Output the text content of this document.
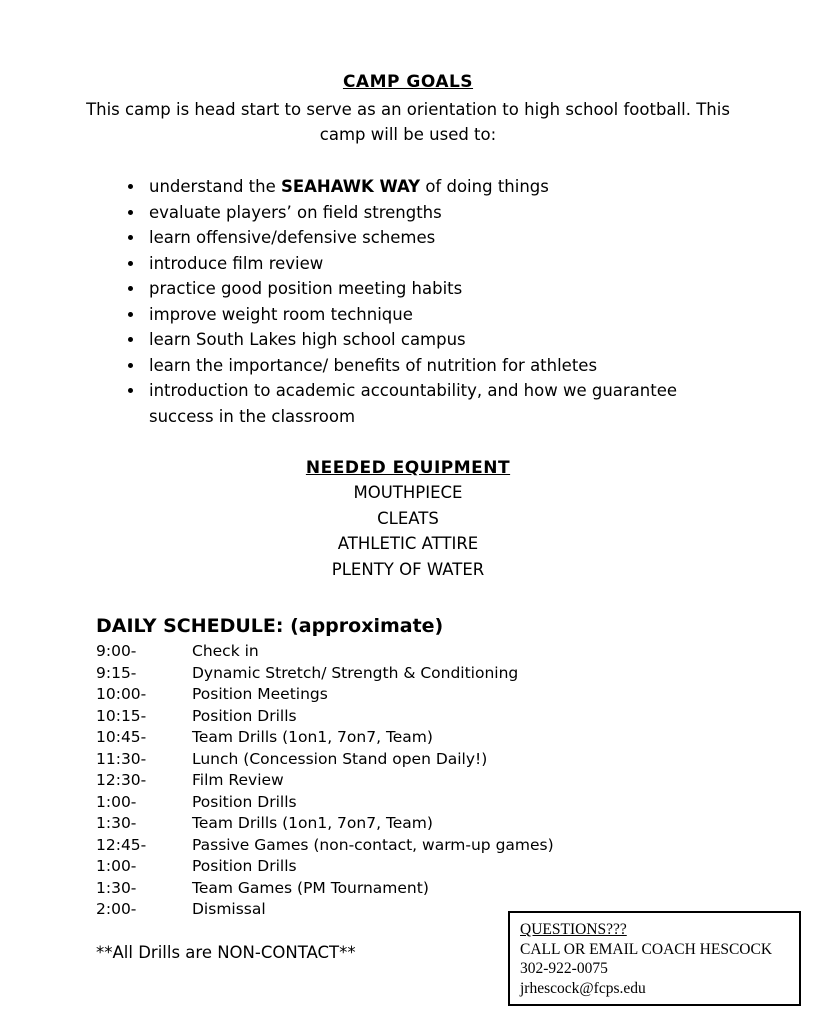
CAMP GOALS
This camp is head start to serve as an orientation to high school football. This camp will be used to:
• understand the SEAHAWK WAY of doing things
• evaluate players’ on field strengths
• learn offensive/defensive schemes
• introduce film review
• practice good position meeting habits
• improve weight room technique
• learn South Lakes high school campus
• learn the importance/ benefits of nutrition for athletes
• introduction to academic accountability, and how we guarantee success in the classroom
NEEDED EQUIPMENT
MOUTHPIECE
CLEATS
ATHLETIC ATTIRE
PLENTY OF WATER
DAILY SCHEDULE: (approximate)
9:00-	Check in
9:15-	Dynamic Stretch/ Strength & Conditioning
10:00-	Position Meetings
10:15-	Position Drills
10:45-	Team Drills (1on1, 7on7, Team)
11:30-	Lunch (Concession Stand open Daily!)
12:30-	Film Review
1:00-	Position Drills
1:30-	Team Drills (1on1, 7on7, Team)
12:45-	Passive Games (non-contact, warm-up games)
1:00-	Position Drills
1:30-	Team Games (PM Tournament)
2:00-	Dismissal
**All Drills are NON-CONTACT**
QUESTIONS???
CALL OR EMAIL COACH HESCOCK
302-922-0075
jrhescock@fcps.edu
